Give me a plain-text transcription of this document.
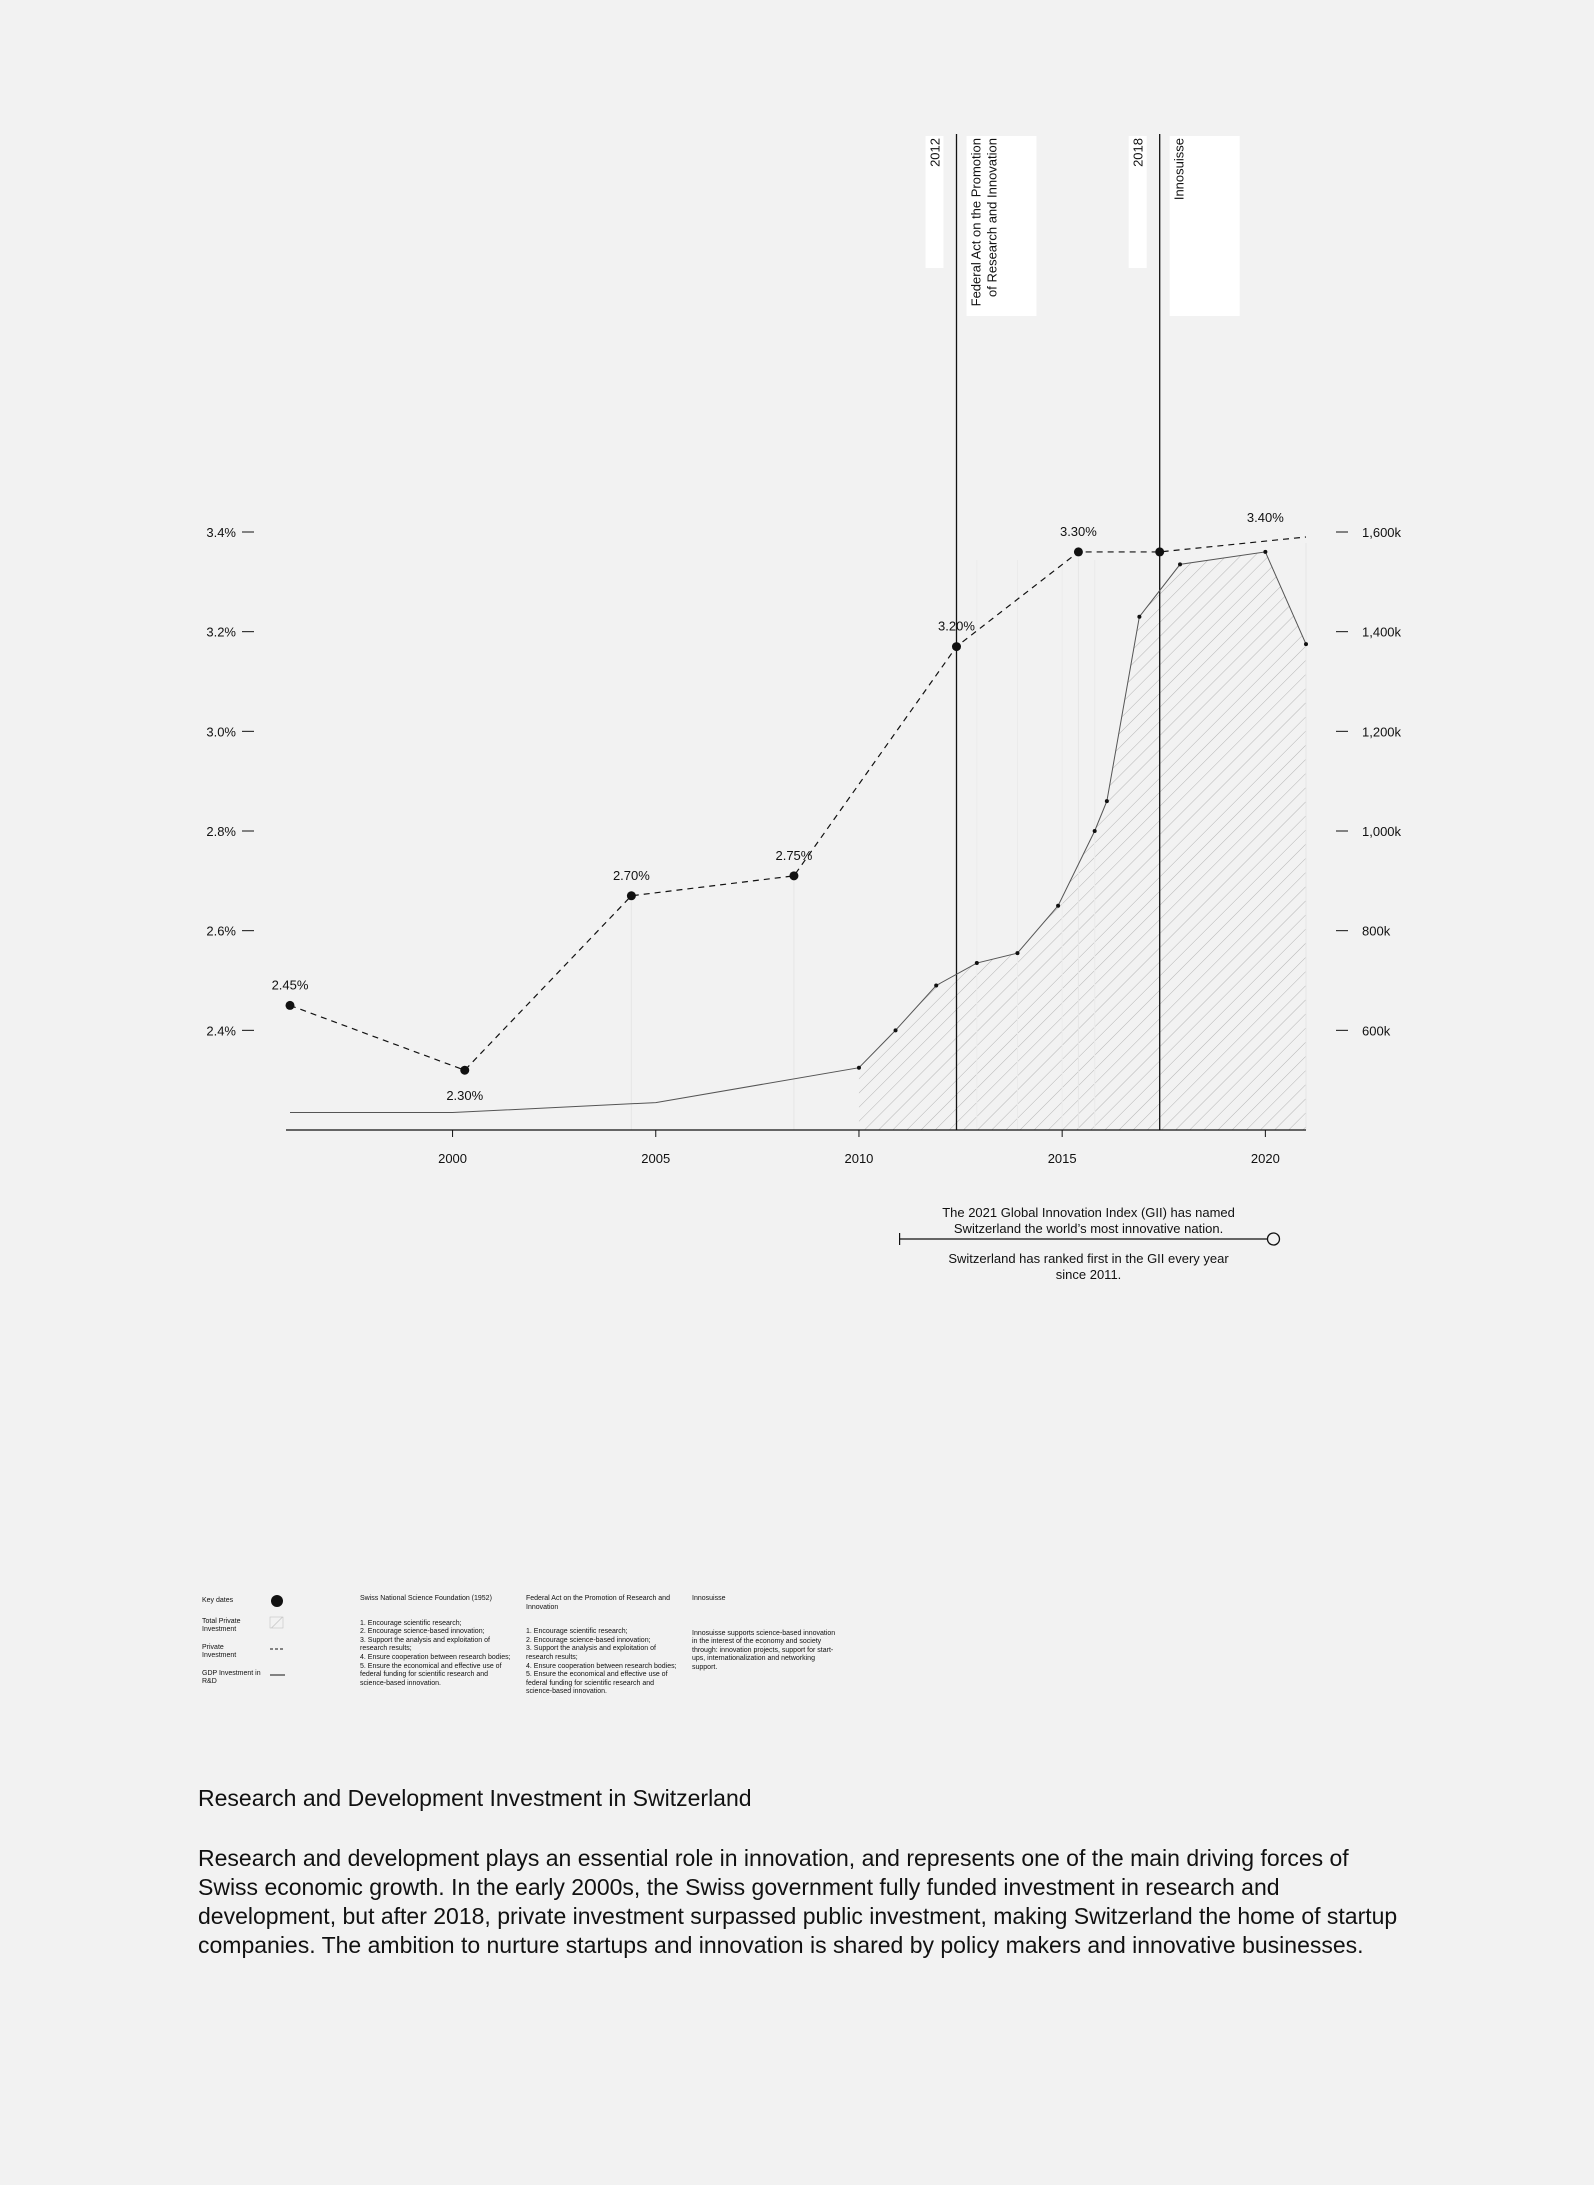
2000	2005	2010	2015	2020
2.4%
2.6%
2.8%
3.0%
3.2%
3.4%
600k
800k
1,000k
1,200k
1,400k
1,600k
2012 Federal Act on the Promotionof Research and Innovation	2018 Innosuisse
2.45%
2.30%
2.70%
2.75%
3.20%
3.30%
3.40%
The 2021 Global Innovation Index (GII) has named
Switzerland the world’s most innovative nation.
Switzerland has ranked first in the GII every year
since 2011.
Key dates
Total Private Investment
Private Investment
GDP Investment in R&D
Swiss National Science Foundation (1952)
1. Encourage scientific research;
2. Encourage science-based innovation;
3. Support the analysis and exploitation of research results;
4. Ensure cooperation between research bodies;
5. Ensure the economical and effective use of federal funding for scientific research and science-based innovation.
Federal Act on the Promotion of Research and Innovation
1. Encourage scientific research;
2. Encourage science-based innovation;
3. Support the analysis and exploitation of research results;
4. Ensure cooperation between research bodies;
5. Ensure the economical and effective use of federal funding for scientific research and science-based innovation.
Innosuisse
Innosuisse supports science-based innovation in the interest of the economy and society through: innovation projects, support for start-ups, internationalization and networking support.
Research and Development Investment in Switzerland
Research and development plays an essential role in innovation, and represents one of the main driving forces of Swiss economic growth. In the early 2000s, the Swiss government fully funded investment in research and development, but after 2018, private investment surpassed public investment, making Switzerland the home of startup companies. The ambition to nurture startups and innovation is shared by policy makers and innovative businesses.
